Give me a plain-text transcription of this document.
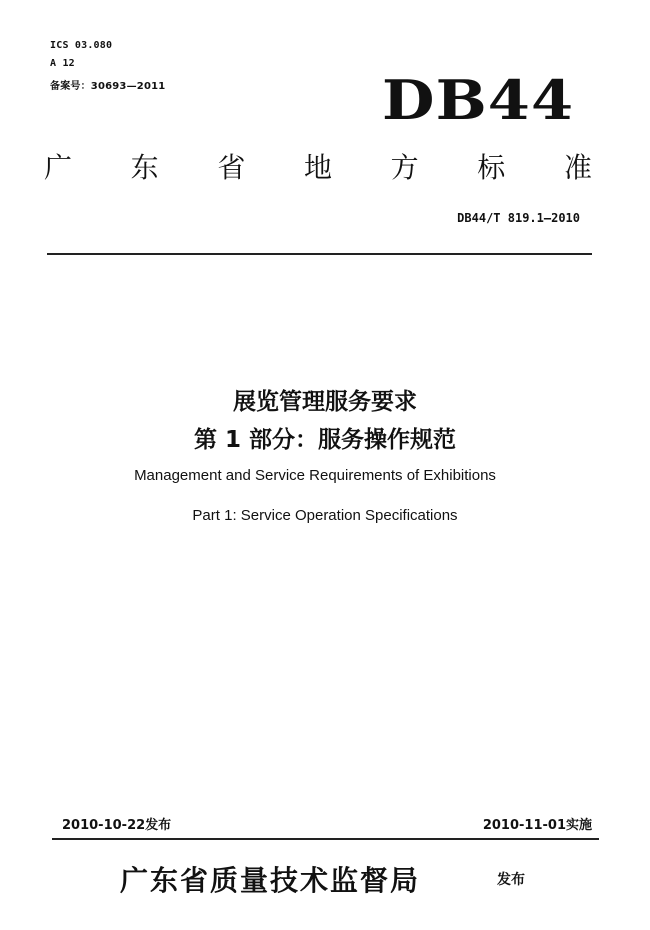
ICS 03.080
A 12
备案号：30693—2011	DB44
广 东 省 地 方 标 准
DB44/T 819.1—2010
展览管理服务要求
第 1 部分：服务操作规范
Management and Service Requirements of Exhibitions
Part 1: Service Operation Specifications
2010-10-22发布	2010-11-01实施
广东省质量技术监督局	发布
